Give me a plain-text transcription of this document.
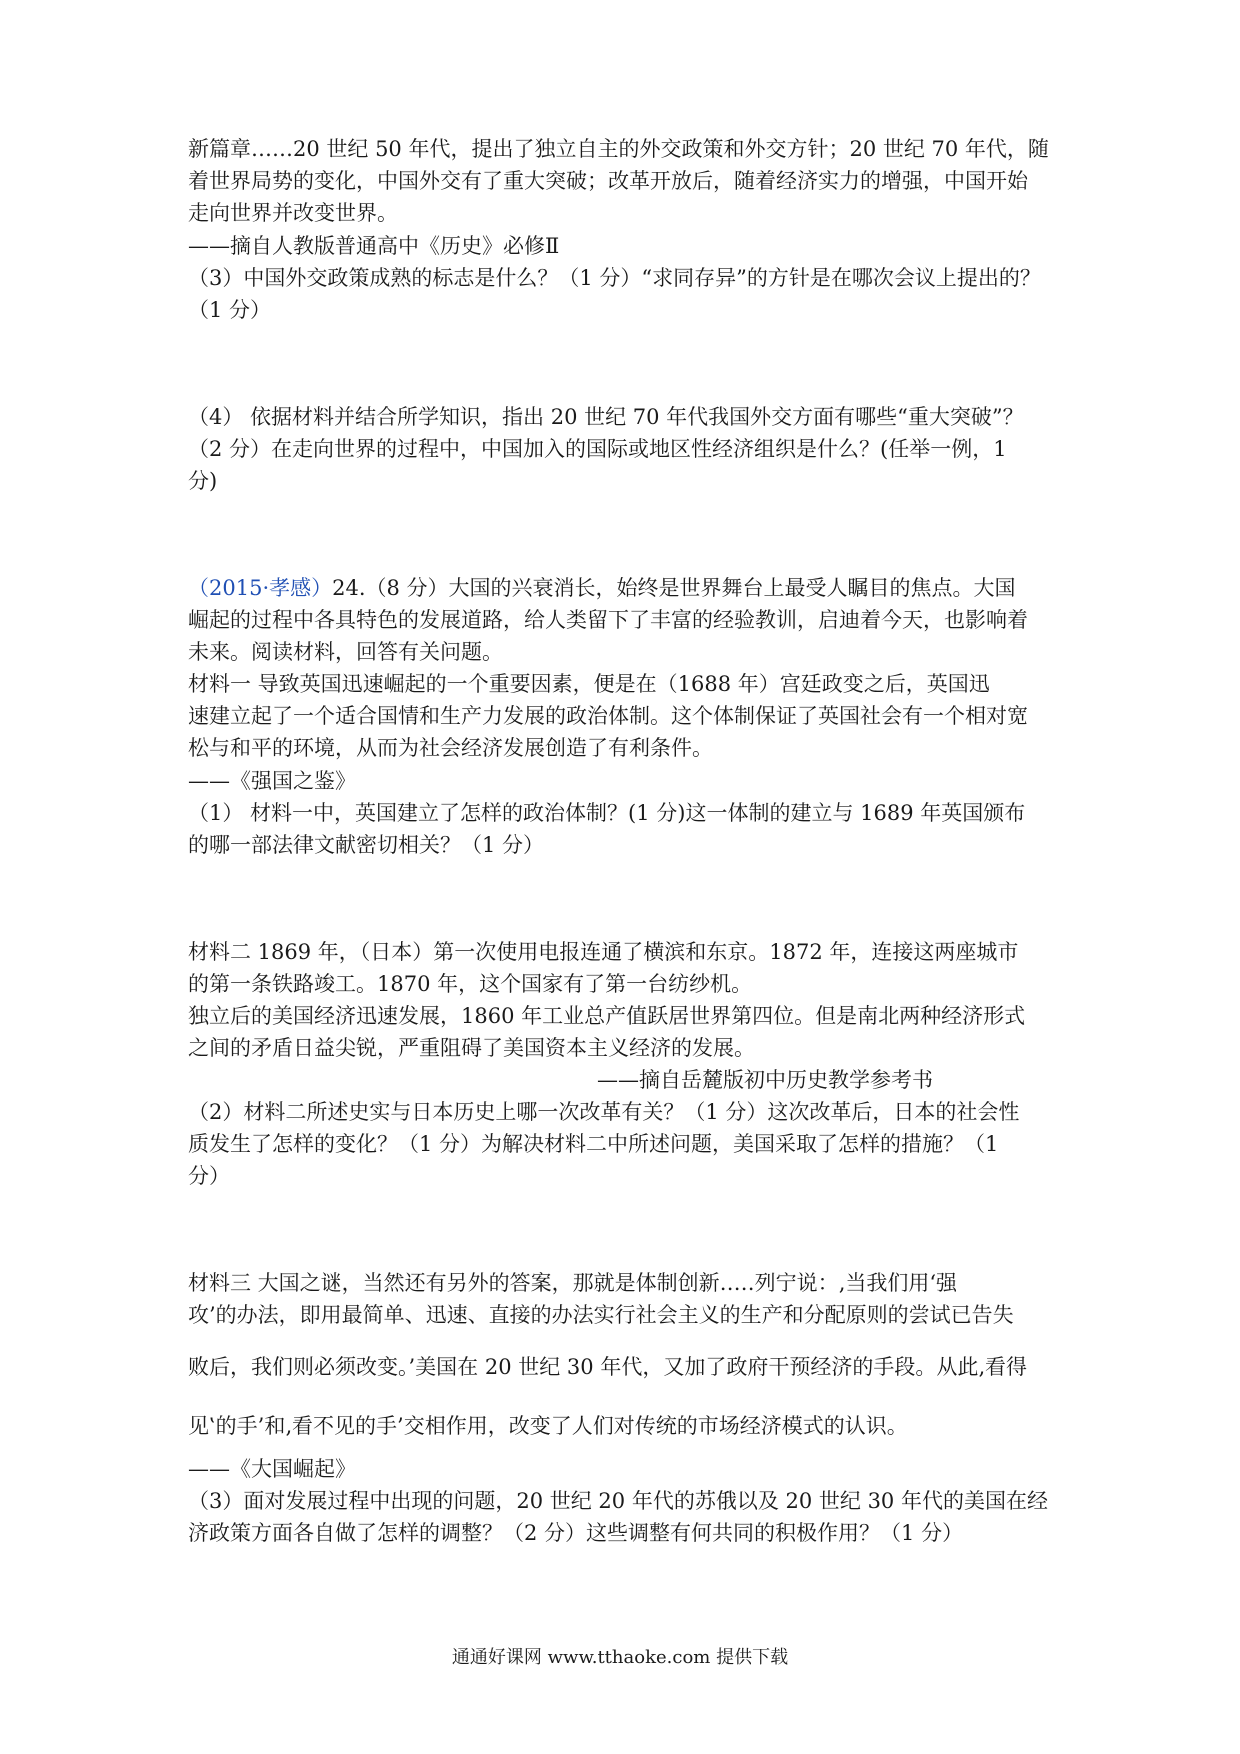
新篇章……20 世纪 50 年代，提出了独立自主的外交政策和外交方针；20 世纪 70 年代，随
着世界局势的变化，中国外交有了重大突破；改革开放后，随着经济实力的增强，中国开始
走向世界并改变世界。
——摘自人教版普通高中《历史》必修Ⅱ
（3）中国外交政策成熟的标志是什么？（1 分）“求同存异”的方针是在哪次会议上提出的？
（1 分）
（4） 依据材料并结合所学知识，指出 20 世纪 70 年代我国外交方面有哪些“重大突破”？
（2 分）在走向世界的过程中，中国加入的国际或地区性经济组织是什么？(任举一例，1
分)
（2015·孝感）24.（8 分）大国的兴衰消长，始终是世界舞台上最受人瞩目的焦点。大国
崛起的过程中各具特色的发展道路，给人类留下了丰富的经验教训，启迪着今天，也影响着
未来。阅读材料，回答有关问题。
材料一 导致英国迅速崛起的一个重要因素，便是在（1688 年）宫廷政变之后，英国迅
速建立起了一个适合国情和生产力发展的政治体制。这个体制保证了英国社会有一个相对宽
松与和平的环境，从而为社会经济发展创造了有利条件。
——《强国之鉴》
（1） 材料一中，英国建立了怎样的政治体制？(1 分)这一体制的建立与 1689 年英国颁布
的哪一部法律文献密切相关？（1 分）
材料二 1869 年，（日本）第一次使用电报连通了横滨和东京。1872 年，连接这两座城市
的第一条铁路竣工。1870 年，这个国家有了第一台纺纱机。
独立后的美国经济迅速发展，1860 年工业总产值跃居世界第四位。但是南北两种经济形式
之间的矛盾日益尖锐，严重阻碍了美国资本主义经济的发展。
——摘自岳麓版初中历史教学参考书
（2）材料二所述史实与日本历史上哪一次改革有关？（1 分）这次改革后，日本的社会性
质发生了怎样的变化？（1 分）为解决材料二中所述问题，美国采取了怎样的措施？（1
分）
材料三 大国之谜，当然还有另外的答案，那就是体制创新…‥列宁说：‚当我们用‘强
攻’的办法，即用最简单、迅速、直接的办法实行社会主义的生产和分配原则的尝试已告失
败后，我们则必须改变。’美国在 20 世纪 30 年代，又加了政府干预经济的手段。从此‚看得
见‛的手’和‚看不见的手’交相作用，改变了人们对传统的市场经济模式的认识。
——《大国崛起》
（3）面对发展过程中出现的问题，20 世纪 20 年代的苏俄以及 20 世纪 30 年代的美国在经
济政策方面各自做了怎样的调整？（2 分）这些调整有何共同的积极作用？（1 分）
通通好课网 www.tthaoke.com 提供下载
